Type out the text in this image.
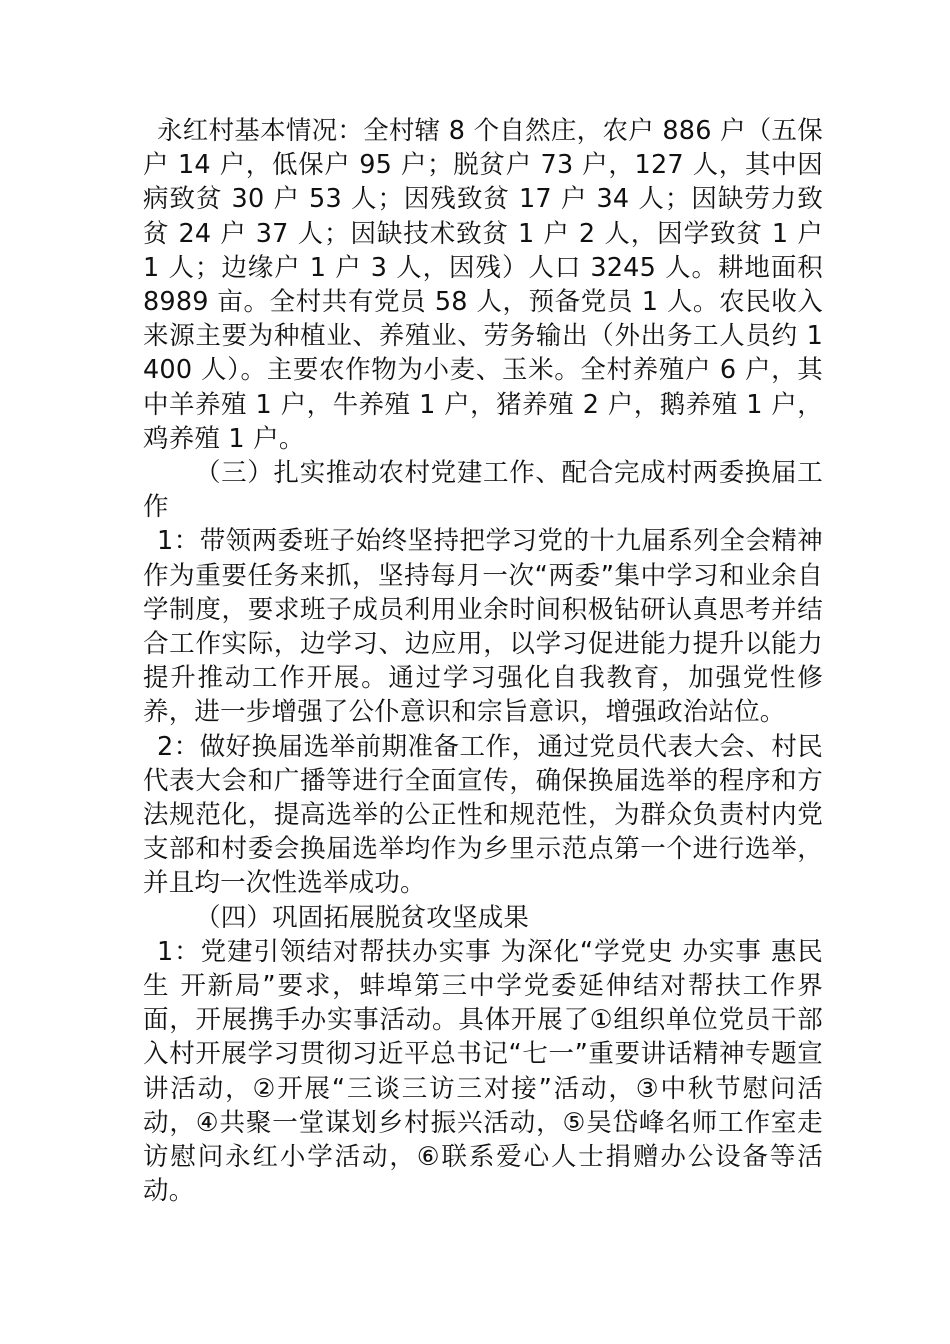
永红村基本情况：全村辖 8 个自然庄，农户 886 户（五保户 14 户，低保户 95 户；脱贫户 73 户，127 人，其中因病致贫 30 户 53 人；因残致贫 17 户 34 人；因缺劳力致贫 24 户 37 人；因缺技术致贫 1 户 2 人，因学致贫 1 户 1 人；边缘户 1 户 3 人，因残）人口 3245 人。耕地面积 8989 亩。全村共有党员 58 人，预备党员 1 人。农民收入来源主要为种植业、养殖业、劳务输出（外出务工人员约 1400 人）。主要农作物为小麦、玉米。全村养殖户 6 户，其中羊养殖 1 户，牛养殖 1 户，猪养殖 2 户，鹅养殖 1 户，鸡养殖 1 户。

（三）扎实推动农村党建工作、配合完成村两委换届工作

1：带领两委班子始终坚持把学习党的十九届系列全会精神作为重要任务来抓，坚持每月一次“两委”集中学习和业余自学制度，要求班子成员利用业余时间积极钻研认真思考并结合工作实际，边学习、边应用，以学习促进能力提升以能力提升推动工作开展。通过学习强化自我教育，加强党性修养，进一步增强了公仆意识和宗旨意识，增强政治站位。

2：做好换届选举前期准备工作，通过党员代表大会、村民代表大会和广播等进行全面宣传，确保换届选举的程序和方法规范化，提高选举的公正性和规范性，为群众负责村内党支部和村委会换届选举均作为乡里示范点第一个进行选举，并且均一次性选举成功。

（四）巩固拓展脱贫攻坚成果

1：党建引领结对帮扶办实事 为深化“学党史 办实事 惠民生 开新局”要求，蚌埠第三中学党委延伸结对帮扶工作界面，开展携手办实事活动。具体开展了①组织单位党员干部入村开展学习贯彻习近平总书记“七一”重要讲话精神专题宣讲活动，②开展“三谈三访三对接”活动，③中秋节慰问活动，④共聚一堂谋划乡村振兴活动，⑤吴岱峰名师工作室走访慰问永红小学活动，⑥联系爱心人士捐赠办公设备等活动。
